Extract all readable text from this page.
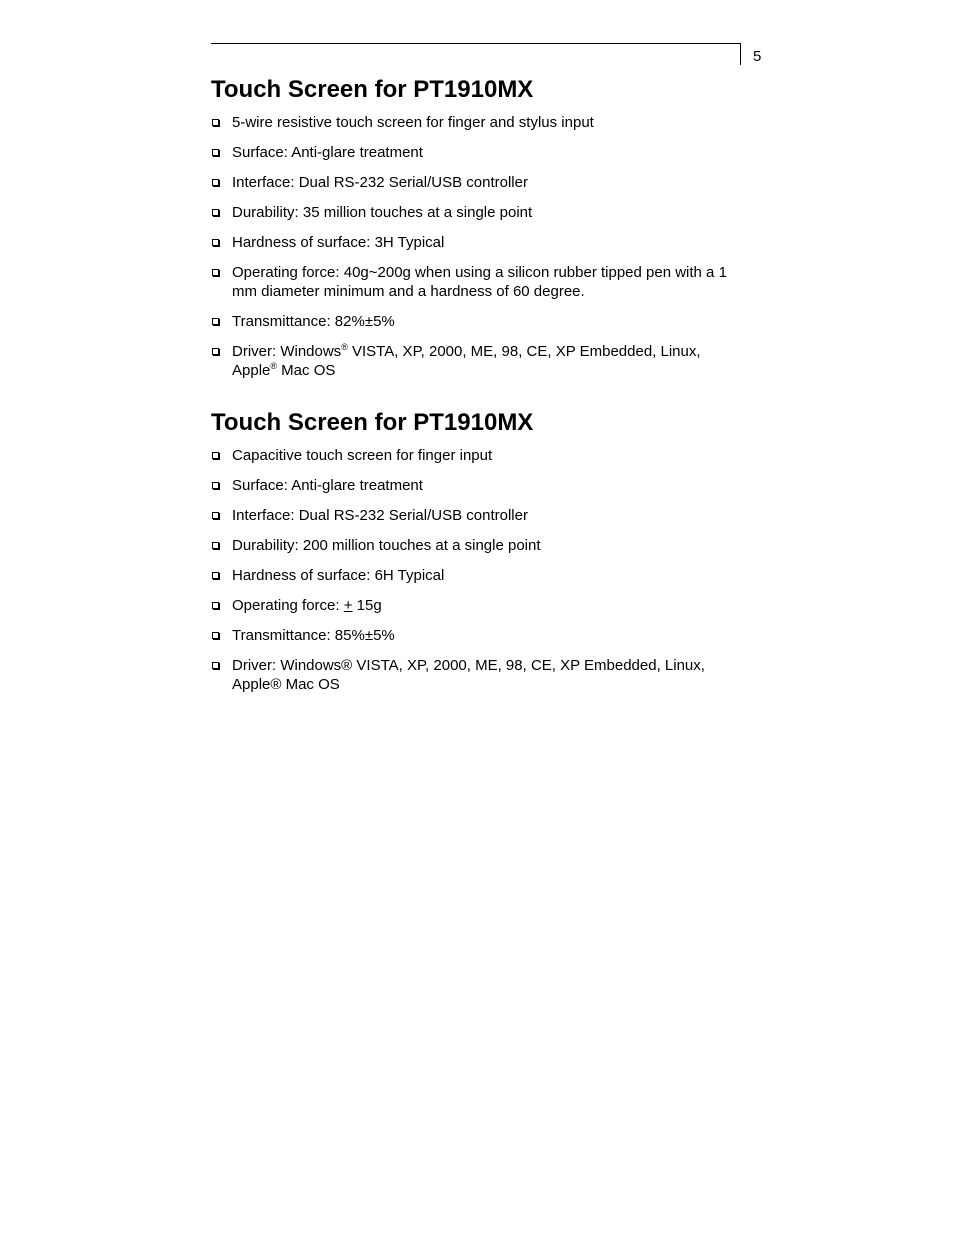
5
Touch Screen for PT1910MX
5-wire resistive touch screen for finger and stylus input
Surface: Anti-glare treatment
Interface: Dual RS-232 Serial/USB controller
Durability: 35 million touches at a single point
Hardness of surface: 3H Typical
Operating force: 40g~200g when using a silicon rubber tipped pen with a 1 mm diameter minimum and a hardness of 60 degree.
Transmittance: 82%±5%
Driver: Windows® VISTA, XP, 2000, ME, 98, CE, XP Embedded, Linux,
Apple® Mac OS
Touch Screen for PT1910MX
Capacitive touch screen for finger input
Surface: Anti-glare treatment
Interface: Dual RS-232 Serial/USB controller
Durability: 200 million touches at a single point
Hardness of surface: 6H Typical
Operating force: + 15g
Transmittance: 85%±5%
Driver: Windows® VISTA, XP, 2000, ME, 98, CE, XP Embedded, Linux, Apple® Mac OS
